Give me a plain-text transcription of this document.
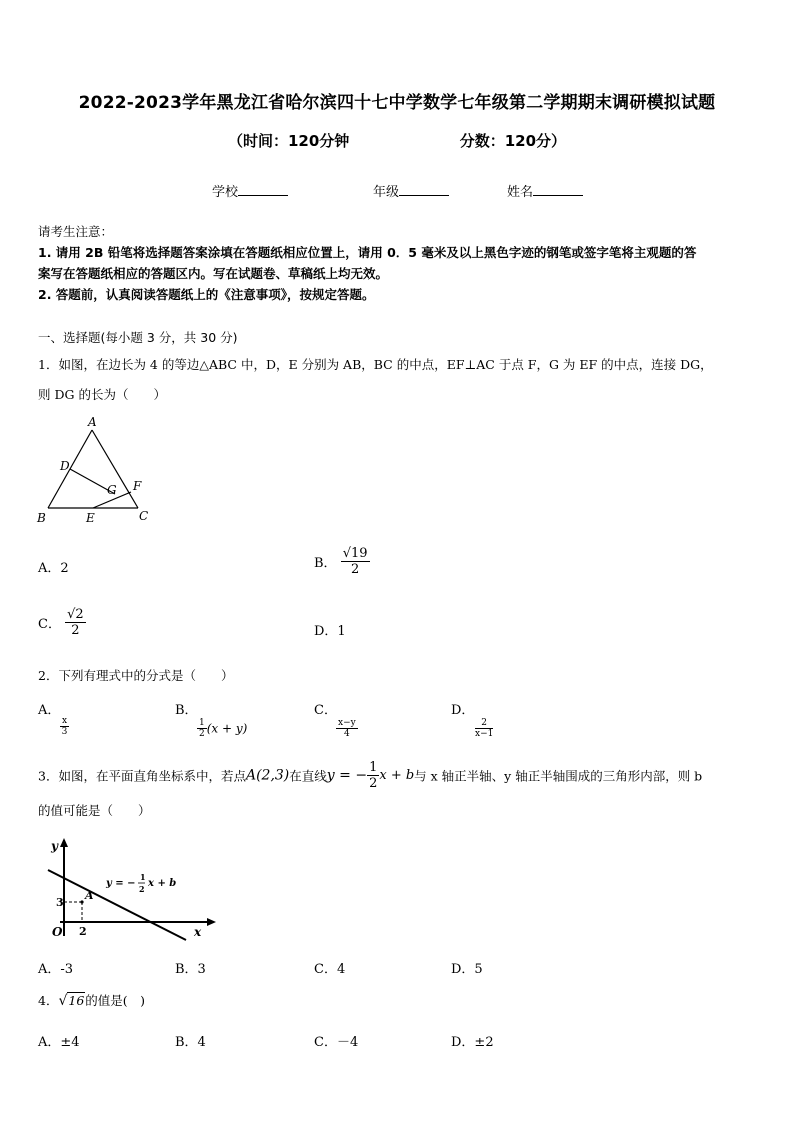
2022-2023学年黑龙江省哈尔滨四十七中学数学七年级第二学期期末调研模拟试题
（时间：120分钟	分数：120分）
学校	年级	姓名
请考生注意：
1. 请用 2B 铅笔将选择题答案涂填在答题纸相应位置上，请用 0．5 毫米及以上黑色字迹的钢笔或签字笔将主观题的答
案写在答题纸相应的答题区内。写在试题卷、草稿纸上均无效。
2. 答题前，认真阅读答题纸上的《注意事项》，按规定答题。
一、选择题(每小题 3 分，共 30 分)
1．如图，在边长为 4 的等边△ABC 中，D，E 分别为 AB，BC 的中点，EF⊥AC 于点 F，G 为 EF 的中点，连接 DG，
则 DG 的长为（　　）
A
B	C
D
E
F
G
A．2	B． $\frac{√19}{2}$
C． $\frac{√2}{2}$	D．1
2．下列有理式中的分式是（　　）
A．

$\frac{x}{3}$
B．

$\frac{1}{2} (x + y)$
C．

$\frac{x-y}{4}$
D．

$\frac{2}{x-1}$
3．如图，在平面直角坐标系中，若点A(2,3)在直线y = − $\frac{1}{2}$ x + b与 x 轴正半轴、y 轴正半轴围成的三角形内部，则 b
的值可能是（　　）
y
x
O
3
2
A
y = −
1
2 x + b
A．-3	B．3	C．4	D．5
4．√16的值是(　)
A．±4	B．4	C．－4	D．±2
